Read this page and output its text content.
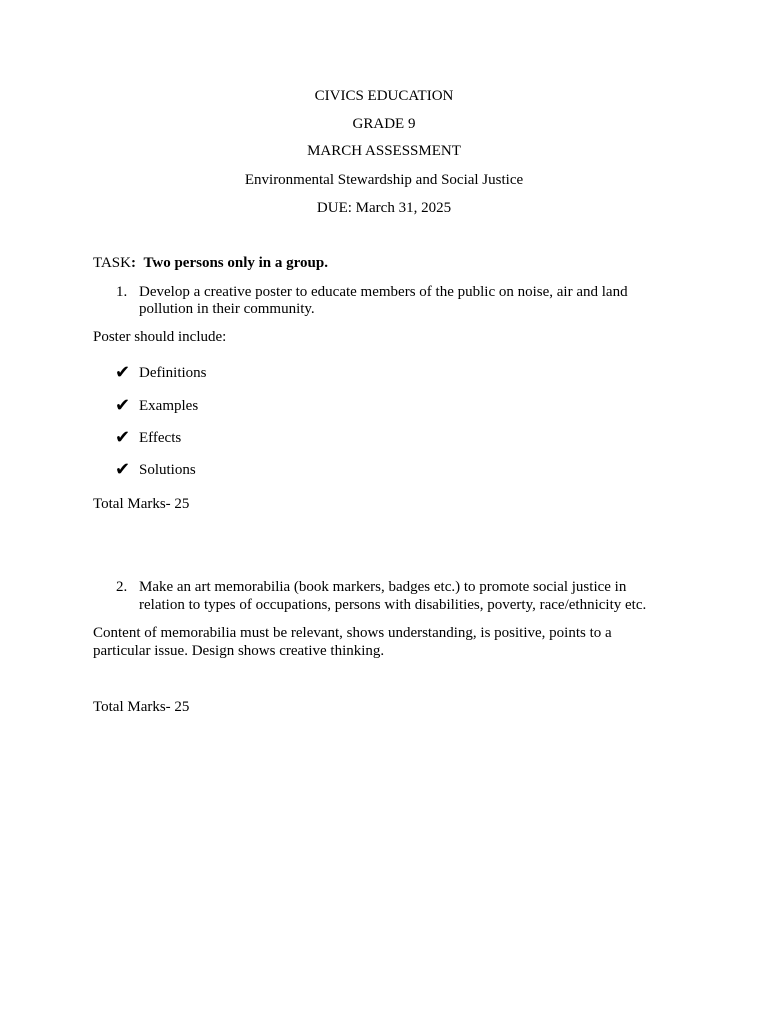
CIVICS EDUCATION
GRADE 9
MARCH ASSESSMENT
Environmental Stewardship and Social Justice
DUE: March 31, 2025
TASK: Two persons only in a group.
1. Develop a creative poster to educate members of the public on noise, air and land
pollution in their community.
Poster should include:
✔ Definitions
✔ Examples
✔ Effects
✔ Solutions
Total Marks- 25
2. Make an art memorabilia (book markers, badges etc.) to promote social justice in
relation to types of occupations, persons with disabilities, poverty, race/ethnicity etc.
Content of memorabilia must be relevant, shows understanding, is positive, points to a
particular issue. Design shows creative thinking.
Total Marks- 25
